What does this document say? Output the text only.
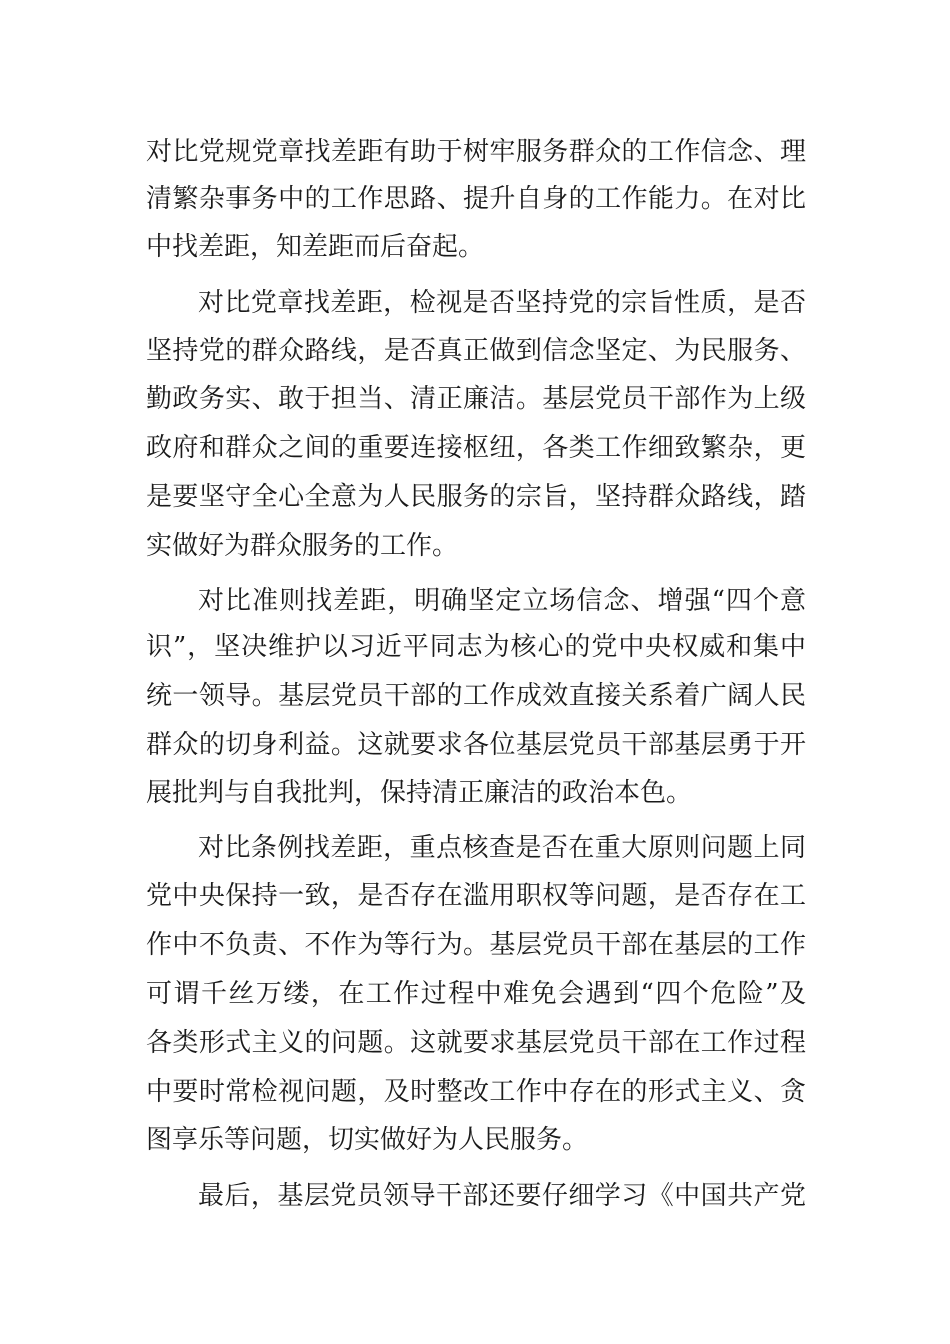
对比党规党章找差距有助于树牢服务群众的工作信念、理

清繁杂事务中的工作思路、提升自身的工作能力。在对比

中找差距，知差距而后奋起。

对比党章找差距，检视是否坚持党的宗旨性质，是否

坚持党的群众路线，是否真正做到信念坚定、为民服务、

勤政务实、敢于担当、清正廉洁。基层党员干部作为上级

政府和群众之间的重要连接枢纽，各类工作细致繁杂，更

是要坚守全心全意为人民服务的宗旨，坚持群众路线，踏

实做好为群众服务的工作。

对比准则找差距，明确坚定立场信念、增强“四个意

识”，坚决维护以习近平同志为核心的党中央权威和集中

统一领导。基层党员干部的工作成效直接关系着广阔人民

群众的切身利益。这就要求各位基层党员干部基层勇于开

展批判与自我批判，保持清正廉洁的政治本色。

对比条例找差距，重点核查是否在重大原则问题上同

党中央保持一致，是否存在滥用职权等问题，是否存在工

作中不负责、不作为等行为。基层党员干部在基层的工作

可谓千丝万缕，在工作过程中难免会遇到“四个危险”及

各类形式主义的问题。这就要求基层党员干部在工作过程

中要时常检视问题，及时整改工作中存在的形式主义、贪

图享乐等问题，切实做好为人民服务。

最后，基层党员领导干部还要仔细学习《中国共产党
